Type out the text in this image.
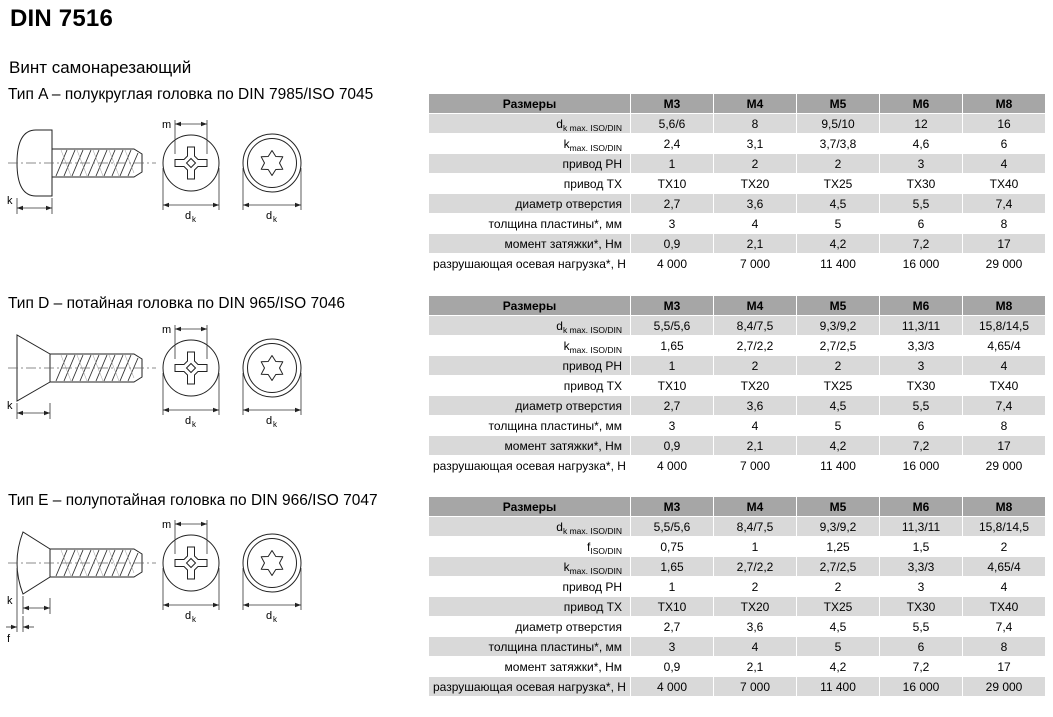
DIN 7516
Винт самонарезающий
Тип A – полукруглая головка по DIN 7985/ISO 7045
k
m
d k	d k
Размеры	M3	M4	M5	M6	M8
$d_{k max. ISO/DIN}$	5,6/6	8	9,5/10	12	16
$k_{max. ISO/DIN}$	2,4	3,1	3,7/3,8	4,6	6
привод PH	1	2	2	3	4
привод TX	TX10	TX20	TX25	TX30	TX40
диаметр отверстия	2,7	3,6	4,5	5,5	7,4
толщина пластины*, мм	3	4	5	6	8
момент затяжки*, Нм	0,9	2,1	4,2	7,2	17
разрушающая осевая нагрузка*, Н	4 000	7 000	11 400	16 000	29 000
Тип D – потайная головка по DIN 965/ISO 7046
k
m
d k	d k
Размеры	M3	M4	M5	M6	M8
$d_{k max. ISO/DIN}$	5,5/5,6	8,4/7,5	9,3/9,2	11,3/11	15,8/14,5
$k_{max. ISO/DIN}$	1,65	2,7/2,2	2,7/2,5	3,3/3	4,65/4
привод PH	1	2	2	3	4
привод TX	TX10	TX20	TX25	TX30	TX40
диаметр отверстия	2,7	3,6	4,5	5,5	7,4
толщина пластины*, мм	3	4	5	6	8
момент затяжки*, Нм	0,9	2,1	4,2	7,2	17
разрушающая осевая нагрузка*, Н	4 000	7 000	11 400	16 000	29 000
Тип E – полупотайная головка по DIN 966/ISO 7047
k
f
m
d k	d k
Размеры	M3	M4	M5	M6	M8
$d_{k max. ISO/DIN}$	5,5/5,6	8,4/7,5	9,3/9,2	11,3/11	15,8/14,5
$f_{ISO/DIN}$	0,75	1	1,25	1,5	2
$k_{max. ISO/DIN}$	1,65	2,7/2,2	2,7/2,5	3,3/3	4,65/4
привод PH	1	2	2	3	4
привод TX	TX10	TX20	TX25	TX30	TX40
диаметр отверстия	2,7	3,6	4,5	5,5	7,4
толщина пластины*, мм	3	4	5	6	8
момент затяжки*, Нм	0,9	2,1	4,2	7,2	17
разрушающая осевая нагрузка*, Н	4 000	7 000	11 400	16 000	29 000
